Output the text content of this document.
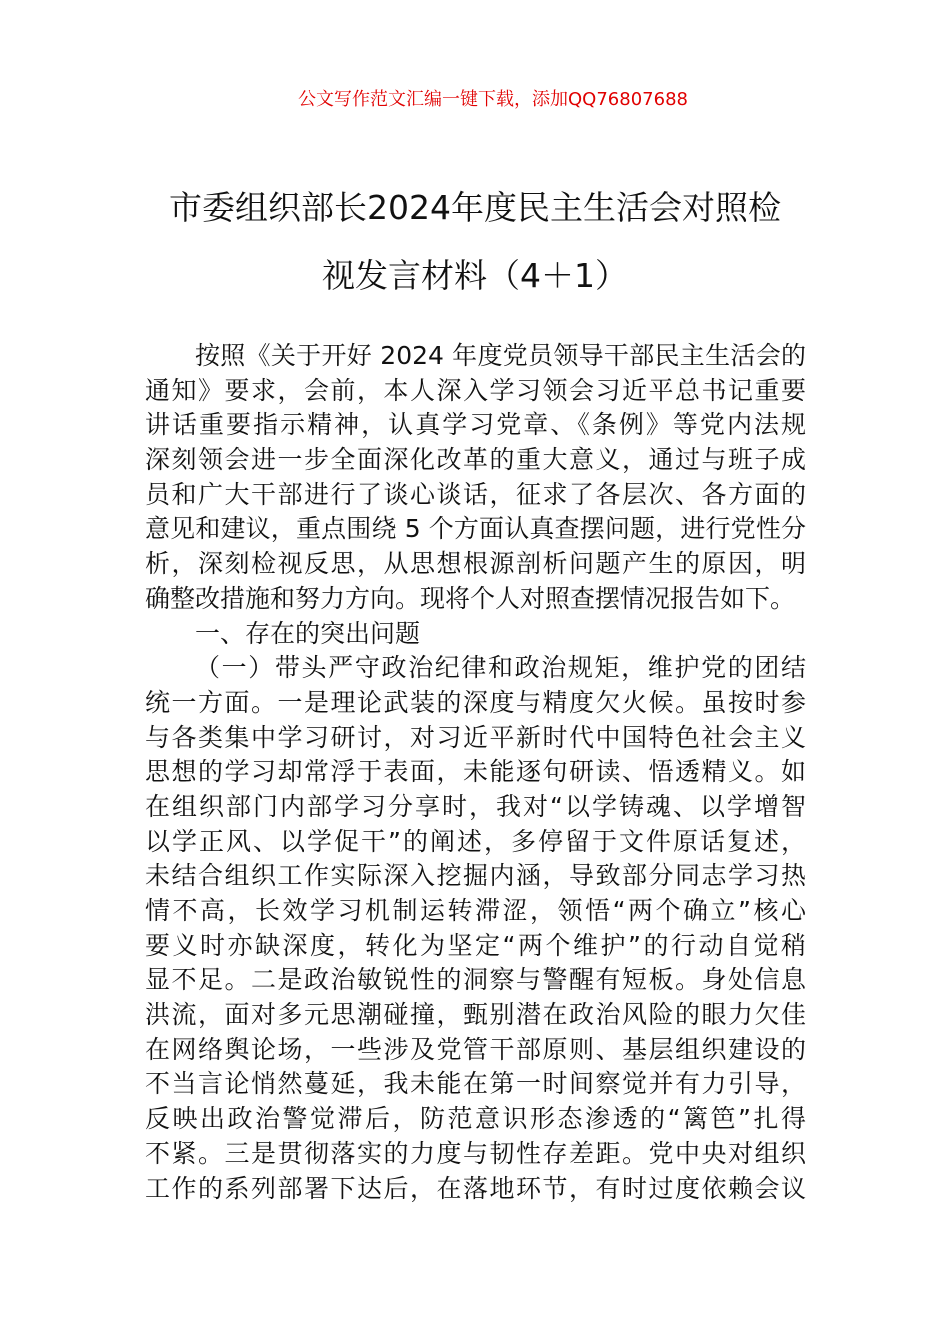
公文写作范文汇编一键下载，添加QQ76807688
市委组织部长2024年度民主生活会对照检
视发言材料（4＋1）
按照《关于开好 2024 年度党员领导干部民主生活会的
通知》要求，会前，本人深入学习领会习近平总书记重要
讲话重要指示精神，认真学习党章、《条例》等党内法规
深刻领会进一步全面深化改革的重大意义，通过与班子成
员和广大干部进行了谈心谈话，征求了各层次、各方面的
意见和建议，重点围绕 5 个方面认真查摆问题，进行党性分
析，深刻检视反思，从思想根源剖析问题产生的原因，明
确整改措施和努力方向。现将个人对照查摆情况报告如下。
一、存在的突出问题
（一）带头严守政治纪律和政治规矩，维护党的团结
统一方面。一是理论武装的深度与精度欠火候。虽按时参
与各类集中学习研讨，对习近平新时代中国特色社会主义
思想的学习却常浮于表面，未能逐句研读、悟透精义。如
在组织部门内部学习分享时，我对“以学铸魂、以学增智
以学正风、以学促干”的阐述，多停留于文件原话复述，
未结合组织工作实际深入挖掘内涵，导致部分同志学习热
情不高，长效学习机制运转滞涩，领悟“两个确立”核心
要义时亦缺深度，转化为坚定“两个维护”的行动自觉稍
显不足。二是政治敏锐性的洞察与警醒有短板。身处信息
洪流，面对多元思潮碰撞，甄别潜在政治风险的眼力欠佳
在网络舆论场，一些涉及党管干部原则、基层组织建设的
不当言论悄然蔓延，我未能在第一时间察觉并有力引导，
反映出政治警觉滞后，防范意识形态渗透的“篱笆”扎得
不紧。三是贯彻落实的力度与韧性存差距。党中央对组织
工作的系列部署下达后，在落地环节，有时过度依赖会议
